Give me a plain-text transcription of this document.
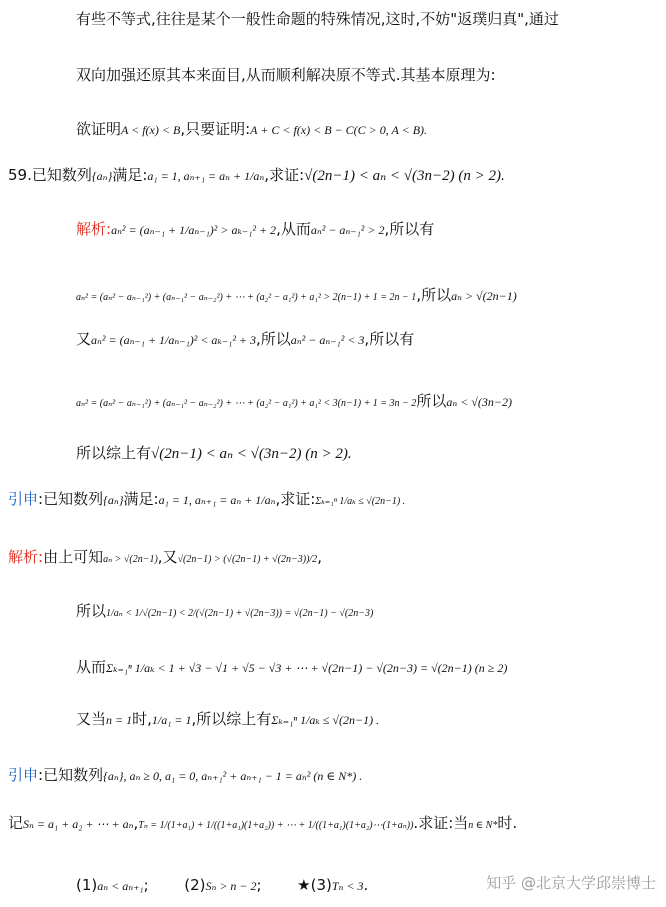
有些不等式,往往是某个一般性命题的特殊情况,这时,不妨"返璞归真",通过
双向加强还原其本来面目,从而顺利解决原不等式.其基本原理为:
欲证明A < f(x) < B,只要证明:A + C < f(x) < B − C(C > 0, A < B).
59.已知数列{aₙ}满足:a₁ = 1, aₙ₊₁ = aₙ + 1/aₙ,求证:√(2n−1) < aₙ < √(3n−2) (n > 2).
解析:aₙ² = (aₙ₋₁ + 1/aₙ₋₁)² > aₖ₋₁² + 2,从而aₙ² − aₙ₋₁² > 2,所以有
aₙ² = (aₙ² − aₙ₋₁²) + (aₙ₋₁² − aₙ₋₂²) + ⋯ + (a₂² − a₁²) + a₁² > 2(n−1) + 1 = 2n − 1,所以aₙ > √(2n−1)
又aₙ² = (aₙ₋₁ + 1/aₙ₋₁)² < aₖ₋₁² + 3,所以aₙ² − aₙ₋₁² < 3,所以有
aₙ² = (aₙ² − aₙ₋₁²) + (aₙ₋₁² − aₙ₋₂²) + ⋯ + (a₂² − a₁²) + a₁² < 3(n−1) + 1 = 3n − 2所以aₙ < √(3n−2)
所以综上有√(2n−1) < aₙ < √(3n−2) (n > 2).
引申:已知数列{aₙ}满足:a₁ = 1, aₙ₊₁ = aₙ + 1/aₙ,求证:Σₖ₌₁ⁿ 1/aₖ ≤ √(2n−1) .
解析:由上可知aₙ > √(2n−1),又√(2n−1) > (√(2n−1) + √(2n−3))/2,
所以1/aₙ < 1/√(2n−1) < 2/(√(2n−1) + √(2n−3)) = √(2n−1) − √(2n−3)
从而Σₖ₌₁ⁿ 1/aₖ < 1 + √3 − √1 + √5 − √3 + ⋯ + √(2n−1) − √(2n−3) = √(2n−1) (n ≥ 2)
又当n = 1时,1/a₁ = 1,所以综上有Σₖ₌₁ⁿ 1/aₖ ≤ √(2n−1) .
引申:已知数列{aₙ}, aₙ ≥ 0, a₁ = 0, aₙ₊₁² + aₙ₊₁ − 1 = aₙ² (n ∈ N*) .
记Sₙ = a₁ + a₂ + ⋯ + aₙ,Tₙ = 1/(1+a₁) + 1/((1+a₁)(1+a₂)) + ⋯ + 1/((1+a₁)(1+a₂)⋯(1+aₙ)).求证:当n ∈ N*时.
(1)aₙ < aₙ₊₁; (2)Sₙ > n − 2; ★(3)Tₙ < 3.	知乎 @北京大学邱崇博士
